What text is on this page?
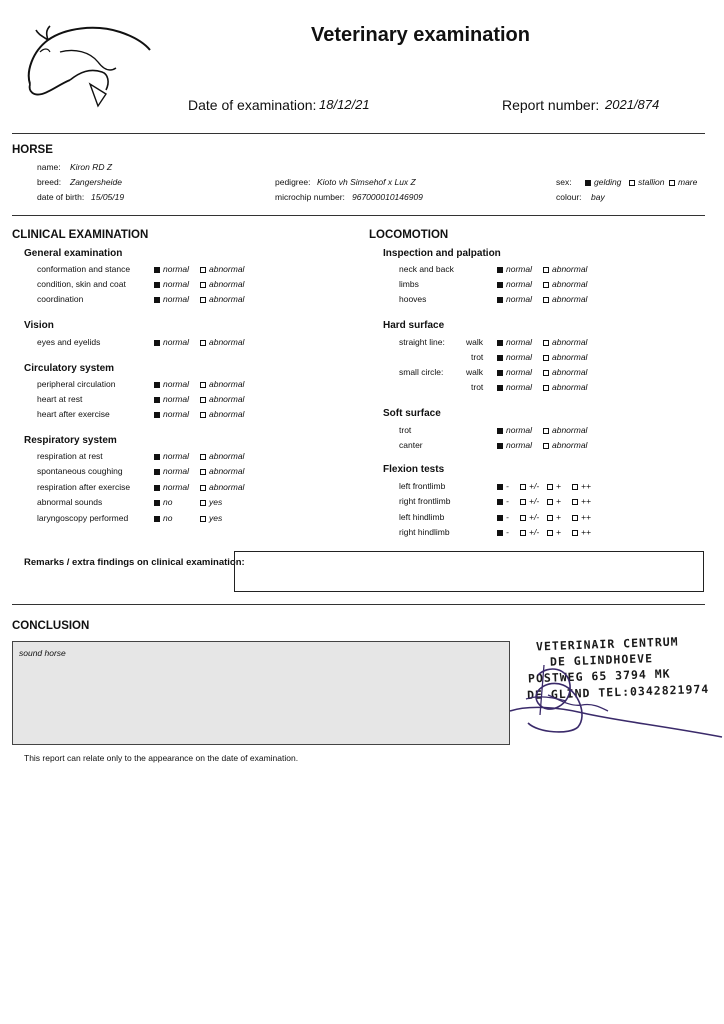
Veterinary examination
Date of examination: 18/12/21	Report number: 2021/874
HORSE
name: Kiron RD Z
breed: Zangersheide
date of birth: 15/05/19
pedigree: Kioto vh Simsehof x Lux Z
microchip number: 967000010146909
sex:	gelding	stallion	mare
colour: bay
CLINICAL EXAMINATION
General examination
conformation and stance	normal	abnormal
condition, skin and coat	normal	abnormal
coordination	normal	abnormal
Vision
eyes and eyelids	normal	abnormal
Circulatory system
peripheral circulation	normal	abnormal
heart at rest	normal	abnormal
heart after exercise	normal	abnormal
Respiratory system
respiration at rest	normal	abnormal
spontaneous coughing	normal	abnormal
respiration after exercise	normal	abnormal
abnormal sounds	no	yes
laryngoscopy performed	no	yes
LOCOMOTION
Inspection and palpation
neck and back	normal	abnormal
limbs	normal	abnormal
hooves	normal	abnormal
Hard surface
straight line: walk	normal	abnormal
trot	normal	abnormal
small circle:	walk	normal	abnormal
trot	normal	abnormal
Soft surface
trot	normal	abnormal
canter	normal	abnormal
Flexion tests
left frontlimb	-	+/-	+	++
right frontlimb	-	+/-	+	++
left hindlimb	-	+/-	+	++
right hindlimb	-	+/-	+	++
Remarks / extra findings on clinical examination:
CONCLUSION
sound horse
This report can relate only to the appearance on the date of examination.
VETERINAIR CENTRUM
DE GLINDHOEVE
POSTWEG 65 3794 MK
DE GLIND TEL:0342821974
